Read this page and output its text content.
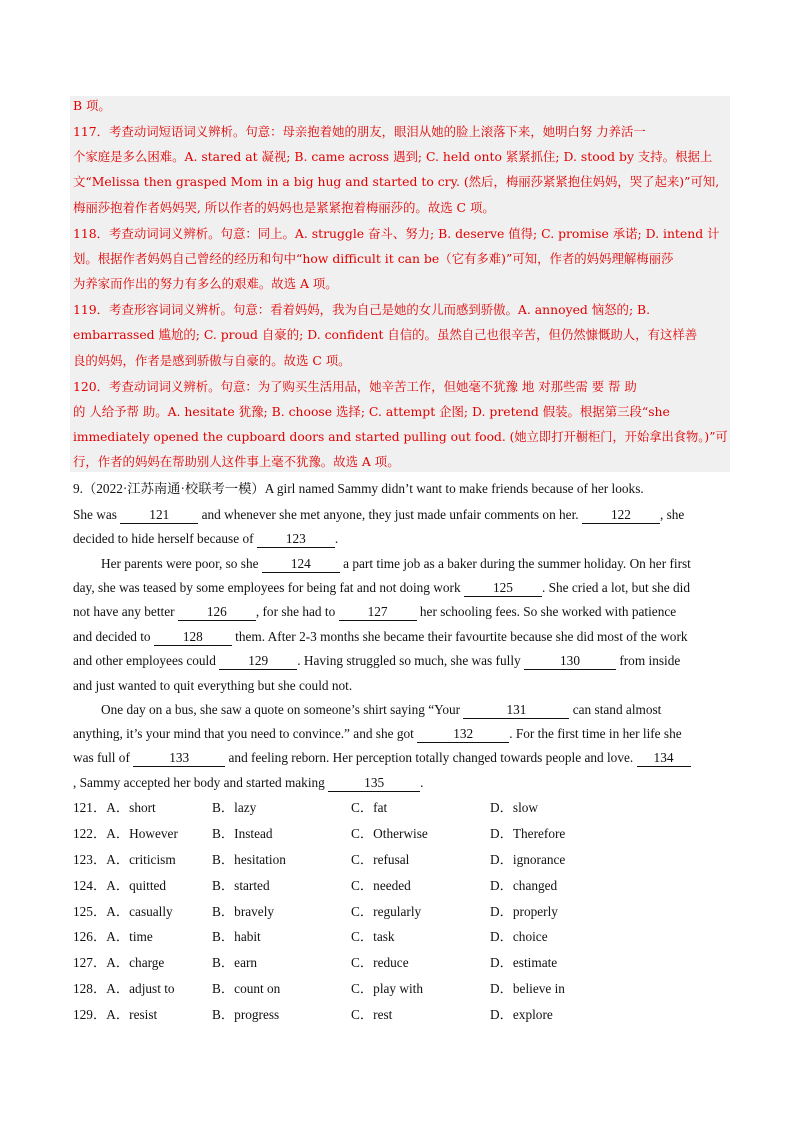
B 项。
117．考查动词短语词义辨析。句意：母亲抱着她的朋友，眼泪从她的脸上滚落下来，她明白努 力养活一
个家庭是多么困难。A. stared at 凝视; B. came across 遇到; C. held onto 紧紧抓住; D. stood by 支持。根据上
文“Melissa then grasped Mom in a big hug and started to cry. (然后，梅丽莎紧紧抱住妈妈，哭了起来)”可知,
梅丽莎抱着作者妈妈哭, 所以作者的妈妈也是紧紧抱着梅丽莎的。故选 C 项。
118．考查动词词义辨析。句意：同上。A. struggle 奋斗、努力; B. deserve 值得; C. promise 承诺; D. intend 计
划。根据作者妈妈自己曾经的经历和句中“how difficult it can be（它有多难)”可知，作者的妈妈理解梅丽莎
为养家而作出的努力有多么的艰难。故选 A 项。
119．考查形容词词义辨析。句意：看着妈妈，我为自己是她的女儿而感到骄傲。A. annoyed 恼怒的; B.
embarrassed 尴尬的; C. proud 自豪的; D. confident 自信的。虽然自己也很辛苦，但仍然慷慨助人，有这样善
良的妈妈，作者是感到骄傲与自豪的。故选 C 项。
120．考查动词词义辨析。句意：为了购买生活用品，她辛苦工作，但她毫不犹豫 地 对那些需 要 帮 助
的 人给予帮 助。A. hesitate 犹豫; B. choose 选择; C. attempt 企图; D. pretend 假装。根据第三段“she
immediately opened the cupboard doors and started pulling out food. (她立即打开橱柜门，开始拿出食物。)”可
行，作者的妈妈在帮助别人这件事上毫不犹豫。故选 A 项。
9.（2022·江苏南通·校联考一模）A girl named Sammy didn’t want to make friends because of her looks.
She was 121 and whenever she met anyone, they just made unfair comments on her. 122 , she
decided to hide herself because of 123 .
Her parents were poor, so she 124 a part time job as a baker during the summer holiday. On her first
day, she was teased by some employees for being fat and not doing work 125 . She cried a lot, but she did
not have any better 126 , for she had to 127 her schooling fees. So she worked with patience
and decided to 128 them. After 2-3 months she became their favourtite because she did most of the work
and other employees could 129 . Having struggled so much, she was fully	130	from inside
and just wanted to quit everything but she could not.
One day on a bus, she saw a quote on someone’s shirt saying “Your	131	can stand almost
anything, it’s your mind that you need to convince.” and she got	132	. For the first time in her life she
was full of	133	and feeling reborn. Her perception totally changed towards people and love. 134
, Sammy accepted her body and started making	135	.
121．A．short	B．lazy	C．fat	D．slow
122．A．However	B．Instead	C．Otherwise	D．Therefore
123．A．criticism	B．hesitation	C．refusal	D．ignorance
124．A．quitted	B．started	C．needed	D．changed
125．A．casually	B．bravely	C．regularly	D．properly
126．A．time	B．habit	C．task	D．choice
127．A．charge	B．earn	C．reduce	D．estimate
128．A．adjust to	B．count on	C．play with	D．believe in
129．A．resist	B．progress	C．rest	D．explore
